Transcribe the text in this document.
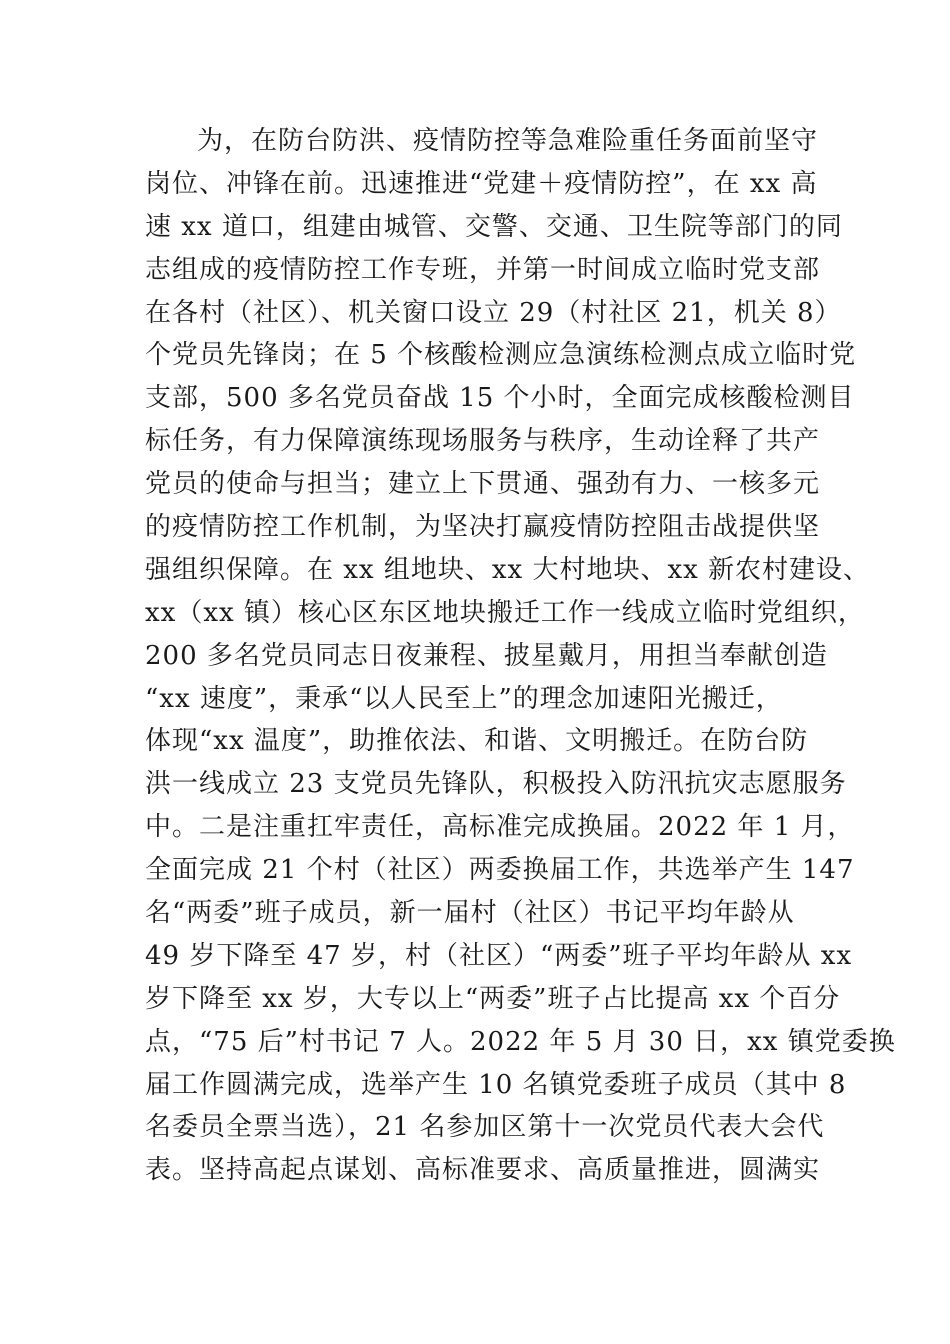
为，在防台防洪、疫情防控等急难险重任务面前坚守
岗位、冲锋在前。迅速推进“党建＋疫情防控”，在 xx 高
速 xx 道口，组建由城管、交警、交通、卫生院等部门的同
志组成的疫情防控工作专班，并第一时间成立临时党支部
在各村（社区）、机关窗口设立 29（村社区 21，机关 8）
个党员先锋岗；在 5 个核酸检测应急演练检测点成立临时党
支部，500 多名党员奋战 15 个小时，全面完成核酸检测目
标任务，有力保障演练现场服务与秩序，生动诠释了共产
党员的使命与担当；建立上下贯通、强劲有力、一核多元
的疫情防控工作机制，为坚决打赢疫情防控阻击战提供坚
强组织保障。在 xx 组地块、xx 大村地块、xx 新农村建设、
xx（xx 镇）核心区东区地块搬迁工作一线成立临时党组织，
200 多名党员同志日夜兼程、披星戴月，用担当奉献创造
“xx 速度”，秉承“以人民至上”的理念加速阳光搬迁，
体现“xx 温度”，助推依法、和谐、文明搬迁。在防台防
洪一线成立 23 支党员先锋队，积极投入防汛抗灾志愿服务
中。二是注重扛牢责任，高标准完成换届。2022 年 1 月，
全面完成 21 个村（社区）两委换届工作，共选举产生 147
名“两委”班子成员，新一届村（社区）书记平均年龄从
49 岁下降至 47 岁，村（社区）“两委”班子平均年龄从 xx
岁下降至 xx 岁，大专以上“两委”班子占比提高 xx 个百分
点，“75 后”村书记 7 人。2022 年 5 月 30 日，xx 镇党委换
届工作圆满完成，选举产生 10 名镇党委班子成员（其中 8
名委员全票当选），21 名参加区第十一次党员代表大会代
表。坚持高起点谋划、高标准要求、高质量推进，圆满实
